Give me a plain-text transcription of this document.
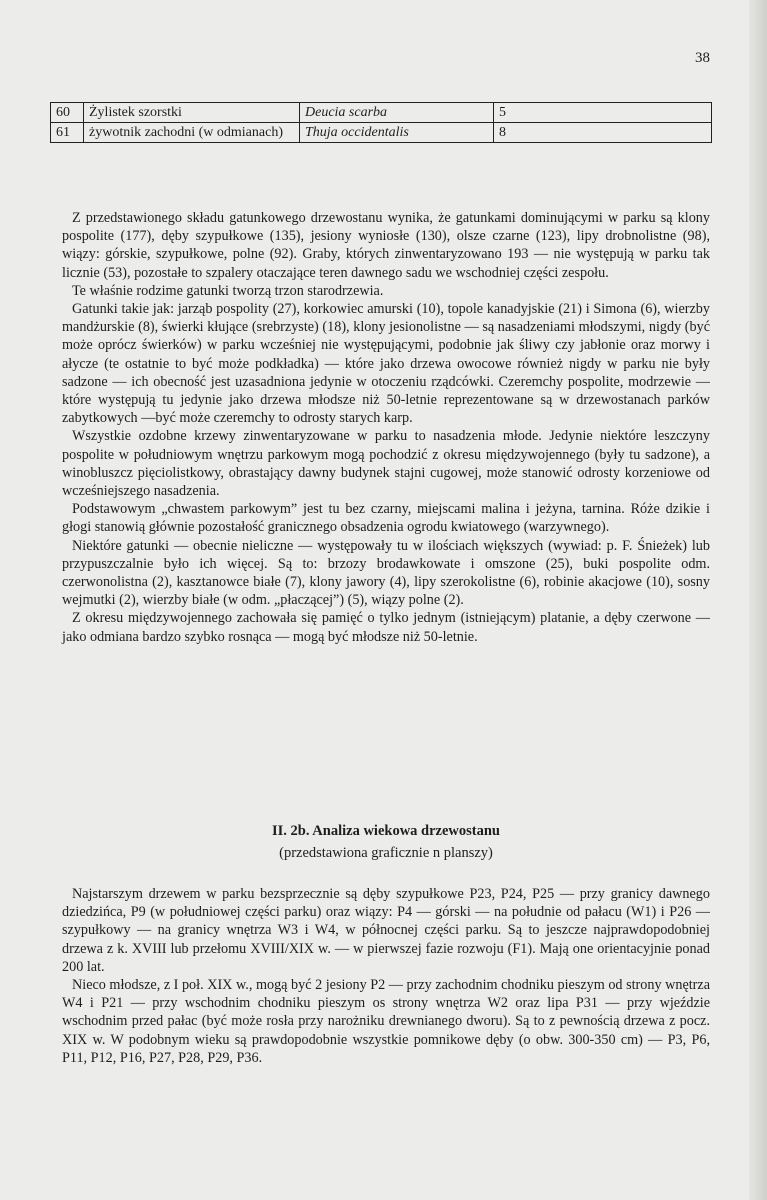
38
60	Żylistek szorstki	Deucia scarba	5
61	żywotnik zachodni (w odmianach)	Thuja occidentalis	8

Z przedstawionego składu gatunkowego drzewostanu wynika, że gatunkami dominującymi w parku są klony pospolite (177), dęby szypułkowe (135), jesiony wyniosłe (130), olsze czarne (123), lipy drobnolistne (98), wiązy: górskie, szypułkowe, polne (92). Graby, których zinwentaryzowano 193 — nie występują w parku tak licznie (53), pozostałe to szpalery otaczające teren dawnego sadu we wschodniej części zespołu.

Te właśnie rodzime gatunki tworzą trzon starodrzewia.

Gatunki takie jak: jarząb pospolity (27), korkowiec amurski (10), topole kanadyjskie (21) i Simona (6), wierzby mandżurskie (8), świerki kłujące (srebrzyste) (18), klony jesionolistne — są nasadzeniami młodszymi, nigdy (być może oprócz świerków) w parku wcześniej nie występującymi, podobnie jak śliwy czy jabłonie oraz morwy i ałycze (te ostatnie to być może podkładka) — które jako drzewa owocowe również nigdy w parku nie były sadzone — ich obecność jest uzasadniona jedynie w otoczeniu rządcówki. Czeremchy pospolite, modrzewie — które występują tu jedynie jako drzewa młodsze niż 50-letnie reprezentowane są w drzewostanach parków zabytkowych —być może czeremchy to odrosty starych karp.

Wszystkie ozdobne krzewy zinwentaryzowane w parku to nasadzenia młode. Jedynie niektóre leszczyny pospolite w południowym wnętrzu parkowym mogą pochodzić z okresu międzywojennego (były tu sadzone), a winobluszcz pięciolistkowy, obrastający dawny budynek stajni cugowej, może stanowić odrosty korzeniowe od wcześniejszego nasadzenia.

Podstawowym „chwastem parkowym” jest tu bez czarny, miejscami malina i jeżyna, tarnina. Róże dzikie i głogi stanowią głównie pozostałość granicznego obsadzenia ogrodu kwiatowego (warzywnego).

Niektóre gatunki — obecnie nieliczne — występowały tu w ilościach większych (wywiad: p. F. Śnieżek) lub przypuszczalnie było ich więcej. Są to: brzozy brodawkowate i omszone (25), buki pospolite odm. czerwonolistna (2), kasztanowce białe (7), klony jawory (4), lipy szerokolistne (6), robinie akacjowe (10), sosny wejmutki (2), wierzby białe (w odm. „płaczącej”) (5), wiązy polne (2).

Z okresu międzywojennego zachowała się pamięć o tylko jednym (istniejącym) platanie, a dęby czerwone — jako odmiana bardzo szybko rosnąca — mogą być młodsze niż 50-letnie.

II. 2b. Analiza wiekowa drzewostanu
(przedstawiona graficznie n planszy)

Najstarszym drzewem w parku bezsprzecznie są dęby szypułkowe P23, P24, P25 — przy granicy dawnego dziedzińca, P9 (w południowej części parku) oraz wiązy: P4 — górski — na południe od pałacu (W1) i P26 — szypułkowy — na granicy wnętrza W3 i W4, w północnej części parku. Są to jeszcze najprawdopodobniej drzewa z k. XVIII lub przełomu XVIII/XIX w. — w pierwszej fazie rozwoju (F1). Mają one orientacyjnie ponad 200 lat.

Nieco młodsze, z I poł. XIX w., mogą być 2 jesiony P2 — przy zachodnim chodniku pieszym od strony wnętrza W4 i P21 — przy wschodnim chodniku pieszym os strony wnętrza W2 oraz lipa P31 — przy wjeździe wschodnim przed pałac (być może rosła przy narożniku drewnianego dworu). Są to z pewnością drzewa z pocz. XIX w. W podobnym wieku są prawdopodobnie wszystkie pomnikowe dęby (o obw. 300-350 cm) — P3, P6, P11, P12, P16, P27, P28, P29, P36.
